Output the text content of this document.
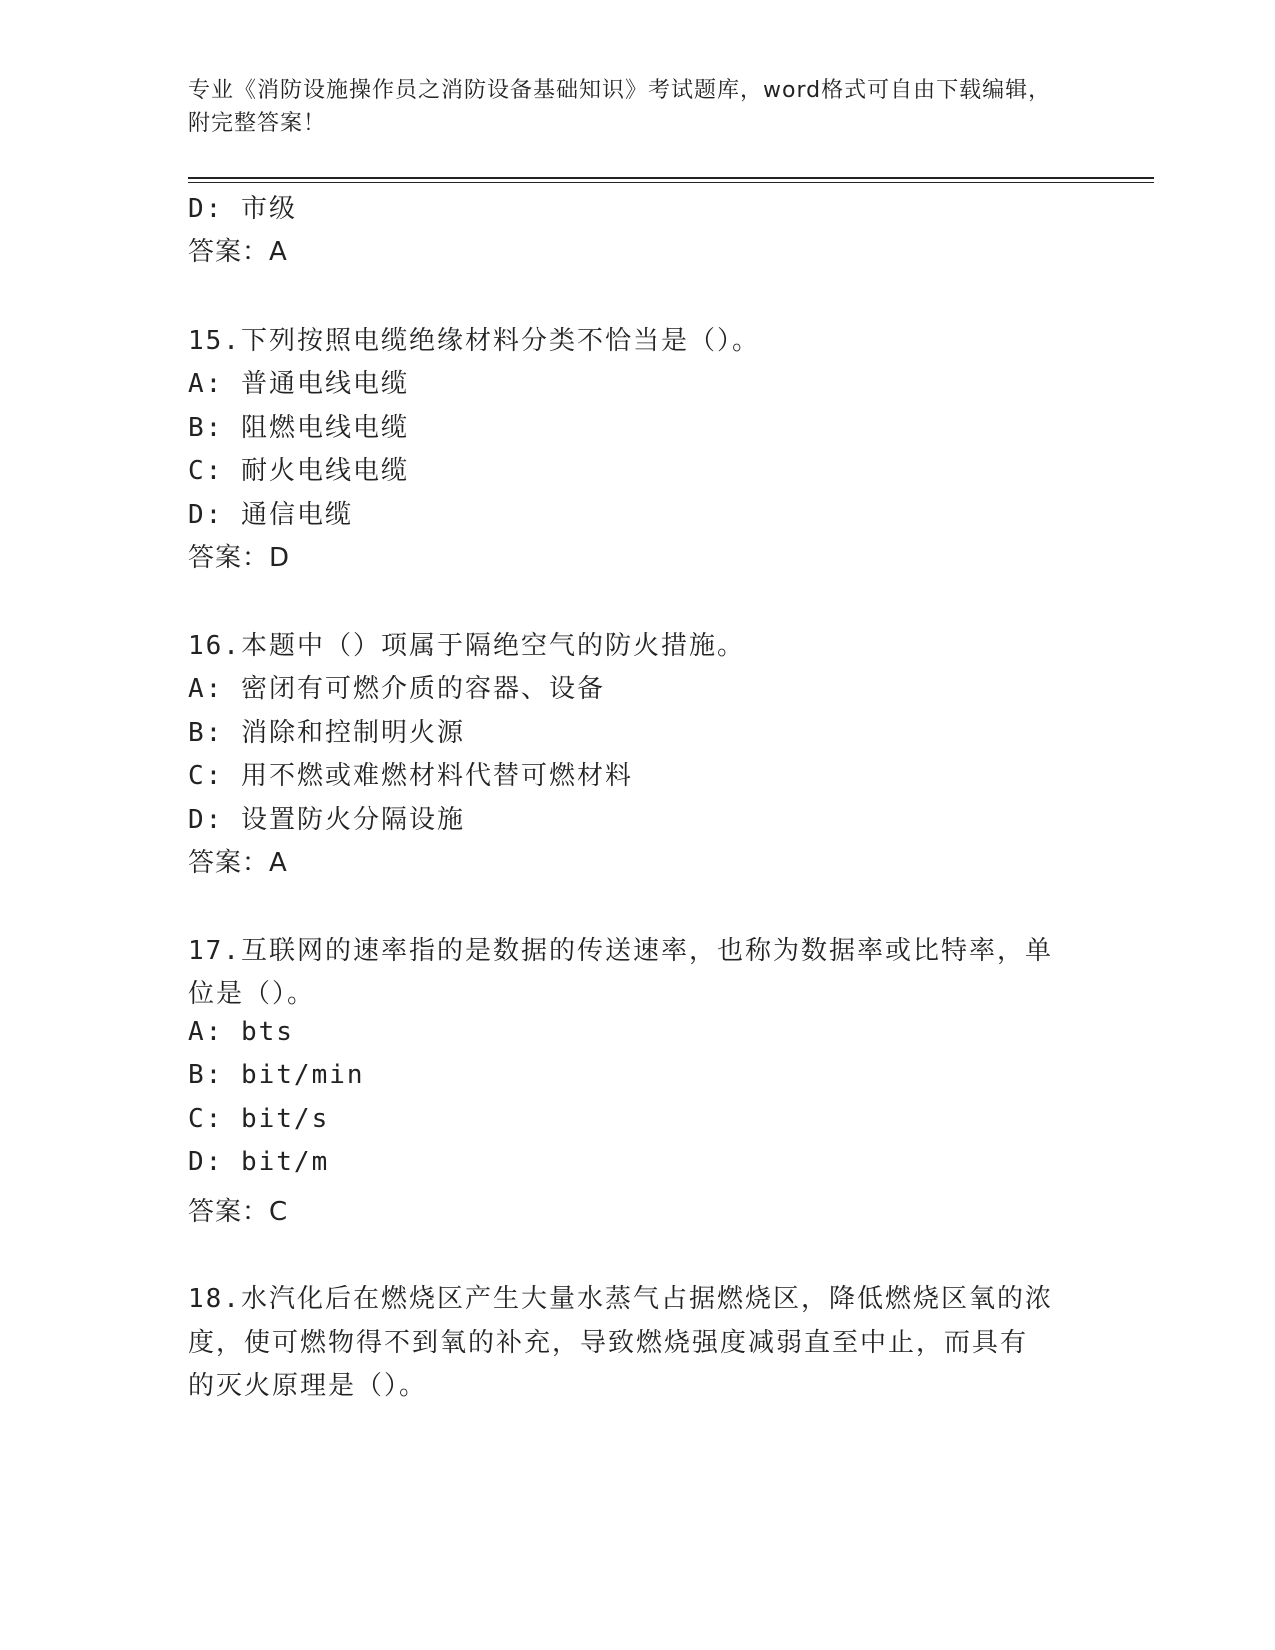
专业《消防设施操作员之消防设备基础知识》考试题库，word格式可自由下载编辑，附完整答案！
D: 市级
答案：A
15.下列按照电缆绝缘材料分类不恰当是（）。
A: 普通电线电缆
B: 阻燃电线电缆
C: 耐火电线电缆
D: 通信电缆
答案：D
16.本题中（）项属于隔绝空气的防火措施。
A: 密闭有可燃介质的容器、设备
B: 消除和控制明火源
C: 用不燃或难燃材料代替可燃材料
D: 设置防火分隔设施
答案：A
17.互联网的速率指的是数据的传送速率，也称为数据率或比特率，单
位是（）。
A: bts
B: bit/min
C: bit/s
D: bit/m
答案：C
18.水汽化后在燃烧区产生大量水蒸气占据燃烧区，降低燃烧区氧的浓
度，使可燃物得不到氧的补充，导致燃烧强度减弱直至中止，而具有
的灭火原理是（）。
